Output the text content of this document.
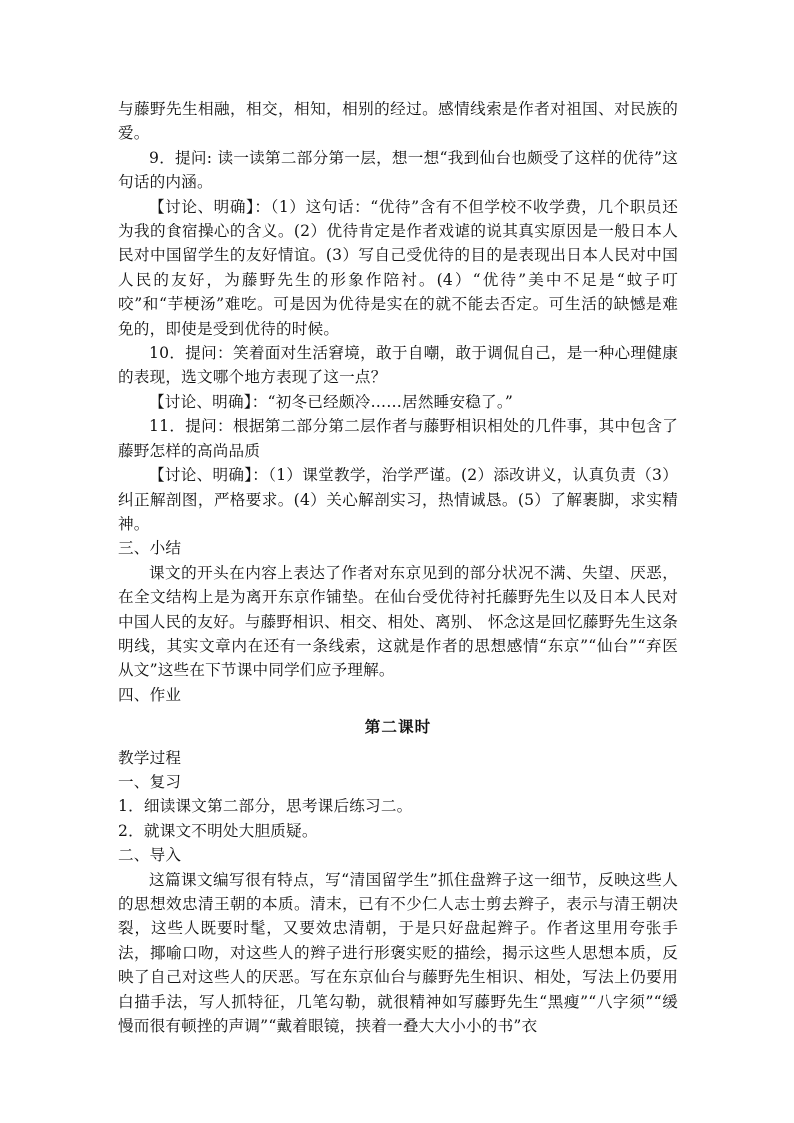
与藤野先生相融，相交，相知，相别的经过。感情线索是作者对祖国、对民族的爱。

9．提问: 读一读第二部分第一层，想一想“我到仙台也颇受了这样的优待”这句话的内涵。

【讨论、明确】：（1）这句话：“优待”含有不但学校不收学费，几个职员还为我的食宿操心的含义。(2）优待肯定是作者戏谑的说其真实原因是一般日本人民对中国留学生的友好情谊。(3）写自己受优待的目的是表现出日本人民对中国人民的友好，为藤野先生的形象作陪衬。(4）“优待”美中不足是“蚊子叮咬”和“芋梗汤”难吃。可是因为优待是实在的就不能去否定。可生活的缺憾是难免的，即使是受到优待的时候。

10．提问：笑着面对生活窘境，敢于自嘲，敢于调侃自己，是一种心理健康的表现，选文哪个地方表现了这一点？

【讨论、明确】：“初冬已经颇冷……居然睡安稳了。”

11．提问：根据第二部分第二层作者与藤野相识相处的几件事，其中包含了藤野怎样的高尚品质

【讨论、明确】：（1）课堂教学，治学严谨。(2）添改讲义，认真负责（3）纠正解剖图，严格要求。(4）关心解剖实习，热情诚恳。(5）了解裹脚，求实精神。

三、小结

课文的开头在内容上表达了作者对东京见到的部分状况不满、失望、厌恶，在全文结构上是为离开东京作铺垫。在仙台受优待衬托藤野先生以及日本人民对中国人民的友好。与藤野相识、相交、相处、离别、 怀念这是回忆藤野先生这条明线，其实文章内在还有一条线索，这就是作者的思想感情“东京”“仙台”“弃医从文”这些在下节课中同学们应予理解。

四、作业

第二课时

教学过程

一、复习

1．细读课文第二部分，思考课后练习二。

2．就课文不明处大胆质疑。

二、导入

这篇课文编写很有特点，写“清国留学生”抓住盘辫子这一细节，反映这些人的思想效忠清王朝的本质。清末，已有不少仁人志士剪去辫子，表示与清王朝决裂，这些人既要时髦，又要效忠清朝，于是只好盘起辫子。作者这里用夸张手法，揶喻口吻，对这些人的辫子进行形褒实贬的描绘，揭示这些人思想本质，反映了自己对这些人的厌恶。写在东京仙台与藤野先生相识、相处，写法上仍要用白描手法，写人抓特征，几笔勾勒，就很精神如写藤野先生“黑瘦”“八字须”“缓慢而很有顿挫的声调”“戴着眼镜，挟着一叠大大小小的书”衣
